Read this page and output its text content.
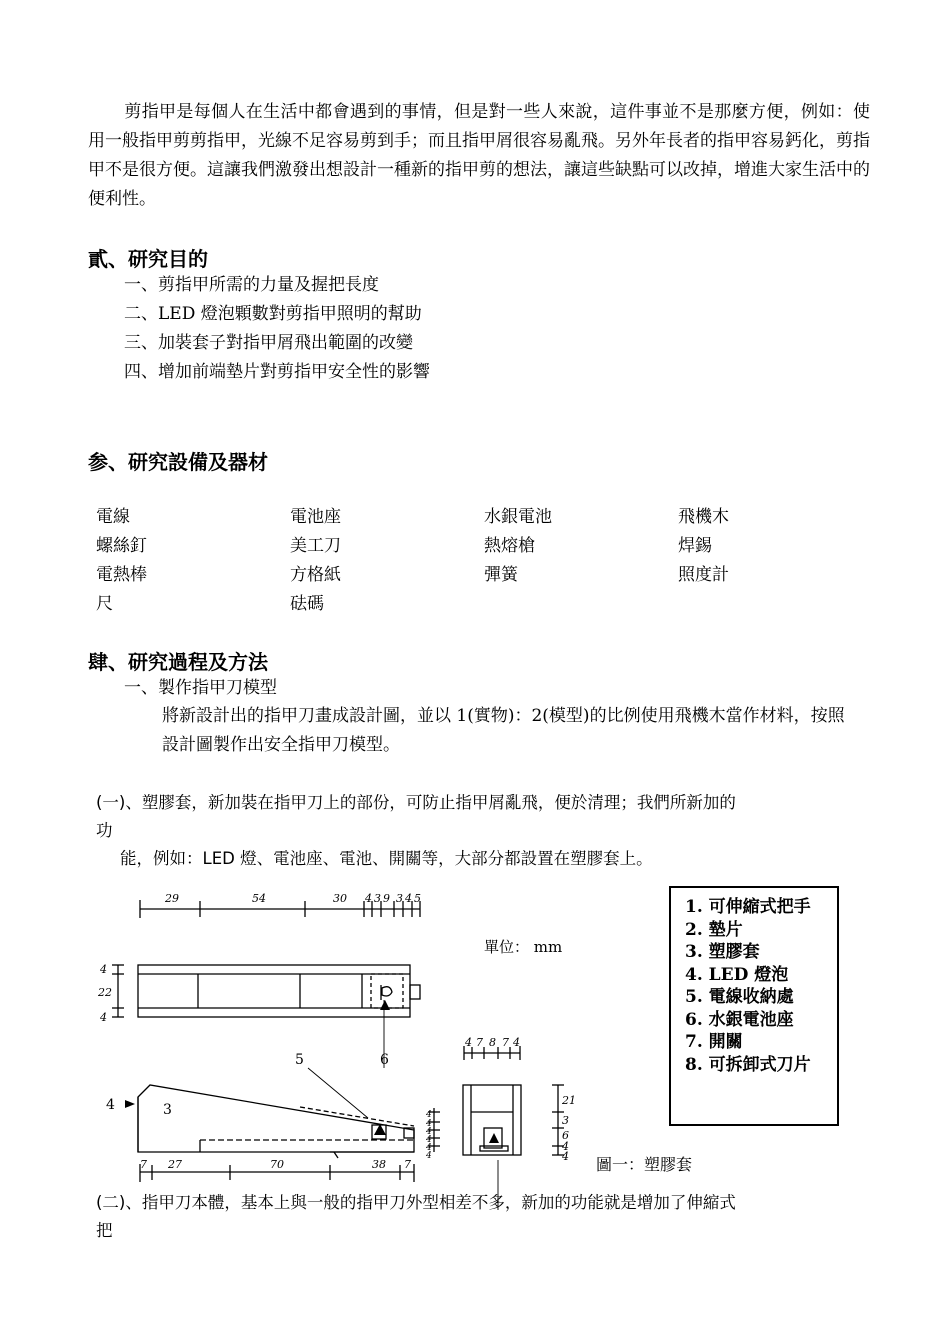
剪指甲是每個人在生活中都會遇到的事情，但是對一些人來說，這件事並不是那麼方便，例如：使用一般指甲剪剪指甲，光線不足容易剪到手；而且指甲屑很容易亂飛。另外年長者的指甲容易鈣化，剪指甲不是很方便。這讓我們激發出想設計一種新的指甲剪的想法，讓這些缺點可以改掉，增進大家生活中的便利性。
貳、研究目的
一、剪指甲所需的力量及握把長度
二、LED 燈泡顆數對剪指甲照明的幫助
三、加裝套子對指甲屑飛出範圍的改變
四、增加前端墊片對剪指甲安全性的影響
参、研究設備及器材
電線	電池座	水銀電池	飛機木
螺絲釘	美工刀	熱熔槍	焊錫
電熱棒	方格紙	彈簧	照度計
尺	砝碼
肆、研究過程及方法
一、製作指甲刀模型
將新設計出的指甲刀畫成設計圖，並以 1(實物)：2(模型)的比例使用飛機木當作材料，按照設計圖製作出安全指甲刀模型。
(一)、塑膠套，新加裝在指甲刀上的部份，可防止指甲屑亂飛，便於清理；我們所新加的
功
能，例如：LED 燈、電池座、電池、開關等，大部分都設置在塑膠套上。
29	54	30 4 3 9 3 4 5
4
22
4
7 27	70	38 7
4
4
4
4
4
4
4 7 8 7 4
21
3
6
4
4
5	6
4	3
單位： mm
1. 可伸縮式把手
2. 墊片
3. 塑膠套
4. LED 燈泡
5. 電線收納處
6. 水銀電池座
7. 開關
8. 可拆卸式刀片
圖一：塑膠套
(二)、指甲刀本體，基本上與一般的指甲刀外型相差不多，新加的功能就是增加了伸縮式
把
